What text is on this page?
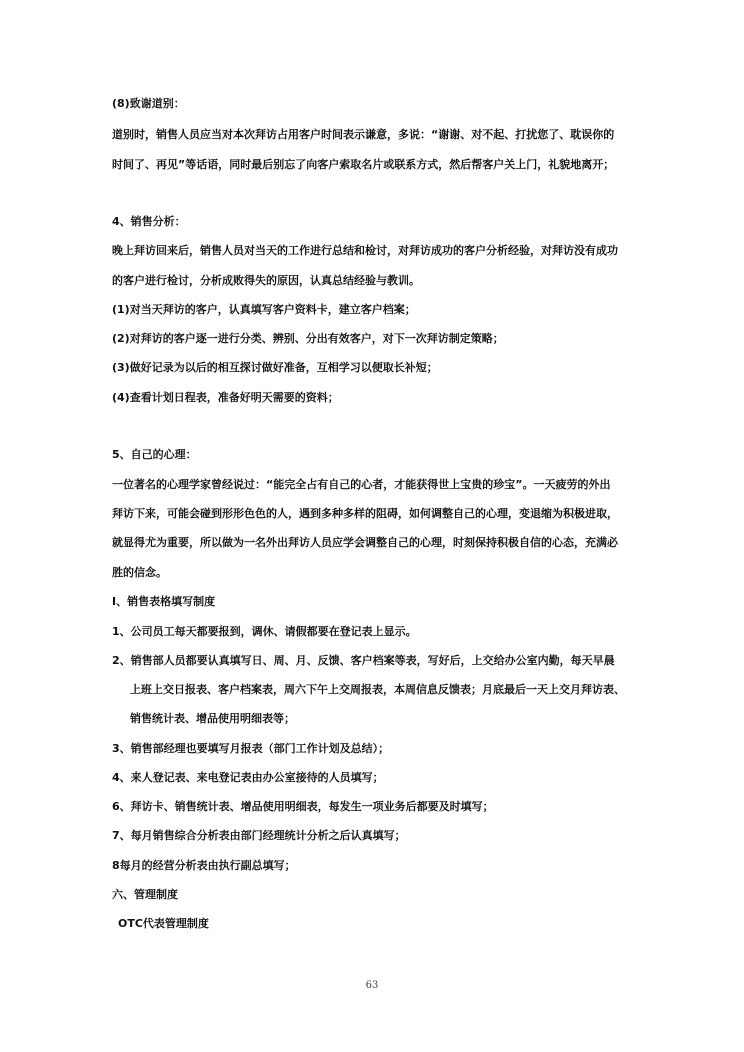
(8)致谢道别：
道别时，销售人员应当对本次拜访占用客户时间表示谦意，多说：“谢谢、对不起、打扰您了、耽误你的
时间了、再见”等话语，同时最后别忘了向客户索取名片或联系方式，然后帮客户关上门，礼貌地离开；
4、销售分析：
晚上拜访回来后，销售人员对当天的工作进行总结和检讨，对拜访成功的客户分析经验，对拜访没有成功
的客户进行检讨，分析成败得失的原因，认真总结经验与教训。
(1)对当天拜访的客户，认真填写客户资料卡，建立客户档案；
(2)对拜访的客户逐一进行分类、辨别、分出有效客户，对下一次拜访制定策略；
(3)做好记录为以后的相互探讨做好准备，互相学习以便取长补短；
(4)查看计划日程表，准备好明天需要的资料；
5、自己的心理：
一位著名的心理学家曾经说过：“能完全占有自己的心者，才能获得世上宝贵的珍宝”。一天疲劳的外出
拜访下来，可能会碰到形形色色的人，遇到多种多样的阻碍，如何调整自己的心理，变退缩为积极进取，
就显得尤为重要，所以做为一名外出拜访人员应学会调整自己的心理，时刻保持积极自信的心态，充满必
胜的信念。
I、销售表格填写制度
1、公司员工每天都要报到，调休、请假都要在登记表上显示。
2、销售部人员都要认真填写日、周、月、反馈、客户档案等表，写好后，上交给办公室内勤，每天早晨
上班上交日报表、客户档案表，周六下午上交周报表，本周信息反馈表；月底最后一天上交月拜访表、
销售统计表、增品使用明细表等；
3、销售部经理也要填写月报表（部门工作计划及总结）；
4、来人登记表、来电登记表由办公室接待的人员填写；
6、拜访卡、销售统计表、增品使用明细表，每发生一项业务后都要及时填写；
7、每月销售综合分析表由部门经理统计分析之后认真填写；
8每月的经营分析表由执行副总填写；
六、管理制度
OTC代表管理制度
63
